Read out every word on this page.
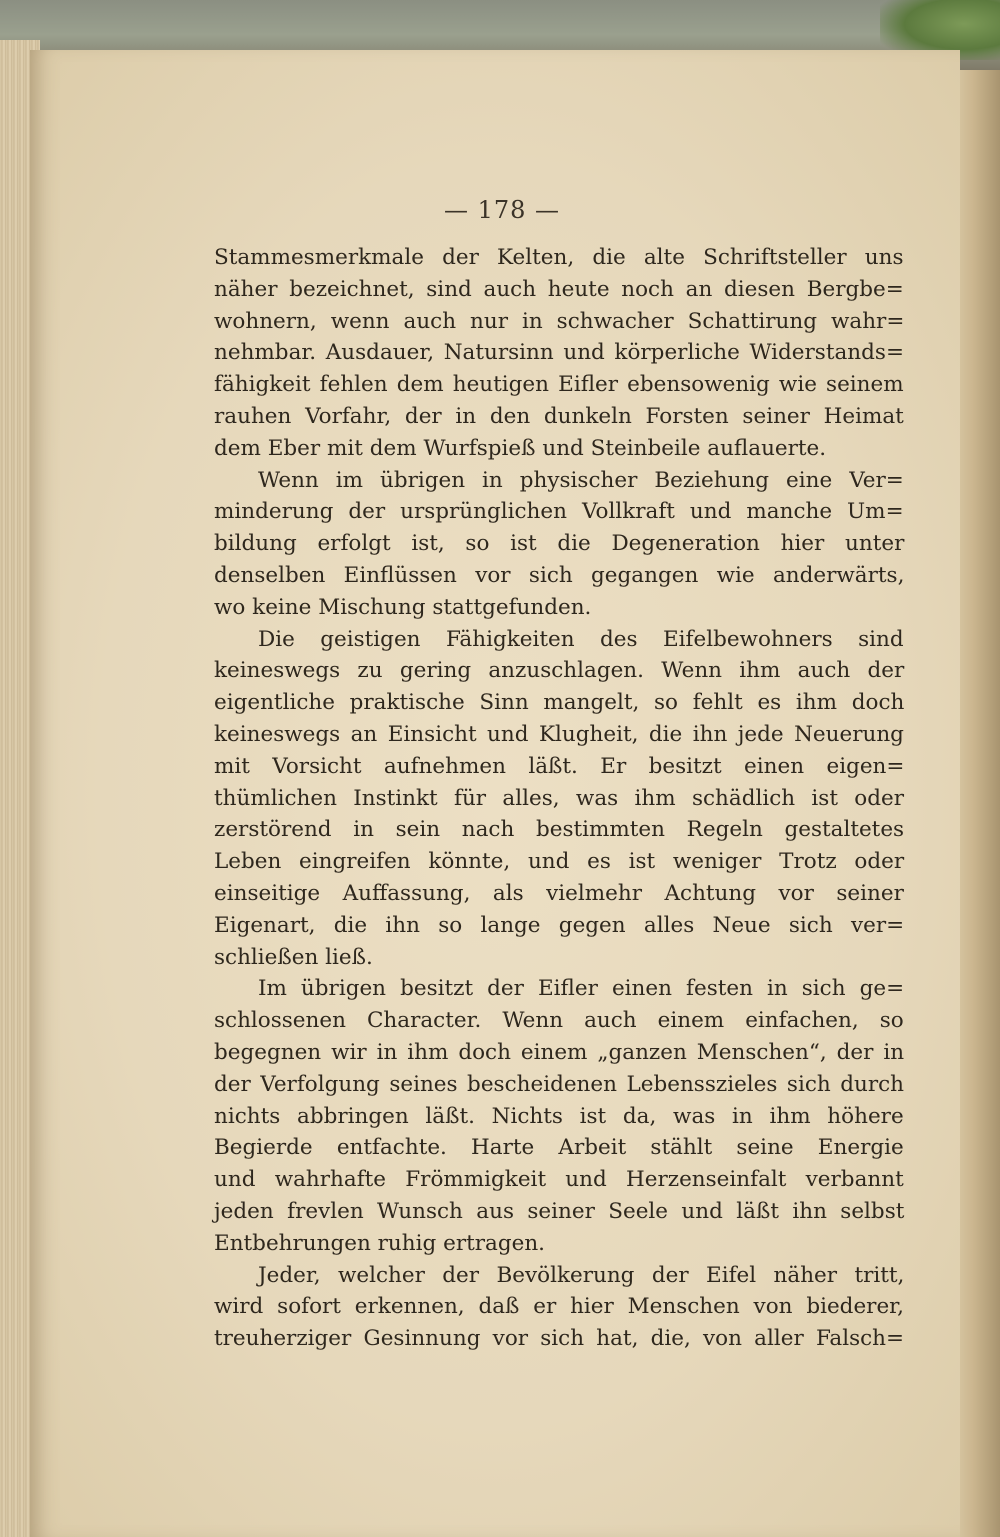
— 178 —
Stammesmerkmale der Kelten, die alte Schriftsteller uns
näher bezeichnet, sind auch heute noch an diesen Bergbe=
wohnern, wenn auch nur in schwacher Schattirung wahr=
nehmbar. Ausdauer, Natursinn und körperliche Widerstands=
fähigkeit fehlen dem heutigen Eifler ebensowenig wie seinem
rauhen Vorfahr, der in den dunkeln Forsten seiner Heimat
dem Eber mit dem Wurfspieß und Steinbeile auflauerte.
Wenn im übrigen in physischer Beziehung eine Ver=
minderung der ursprünglichen Vollkraft und manche Um=
bildung erfolgt ist, so ist die Degeneration hier unter
denselben Einflüssen vor sich gegangen wie anderwärts,
wo keine Mischung stattgefunden.
Die geistigen Fähigkeiten des Eifelbewohners sind
keineswegs zu gering anzuschlagen. Wenn ihm auch der
eigentliche praktische Sinn mangelt, so fehlt es ihm doch
keineswegs an Einsicht und Klugheit, die ihn jede Neuerung
mit Vorsicht aufnehmen läßt. Er besitzt einen eigen=
thümlichen Instinkt für alles, was ihm schädlich ist oder
zerstörend in sein nach bestimmten Regeln gestaltetes
Leben eingreifen könnte, und es ist weniger Trotz oder
einseitige Auffassung, als vielmehr Achtung vor seiner
Eigenart, die ihn so lange gegen alles Neue sich ver=
schließen ließ.
Im übrigen besitzt der Eifler einen festen in sich ge=
schlossenen Character. Wenn auch einem einfachen, so
begegnen wir in ihm doch einem „ganzen Menschen“, der in
der Verfolgung seines bescheidenen Lebensszieles sich durch
nichts abbringen läßt. Nichts ist da, was in ihm höhere
Begierde entfachte. Harte Arbeit stählt seine Energie
und wahrhafte Frömmigkeit und Herzenseinfalt verbannt
jeden frevlen Wunsch aus seiner Seele und läßt ihn selbst
Entbehrungen ruhig ertragen.
Jeder, welcher der Bevölkerung der Eifel näher tritt,
wird sofort erkennen, daß er hier Menschen von biederer,
treuherziger Gesinnung vor sich hat, die, von aller Falsch=
